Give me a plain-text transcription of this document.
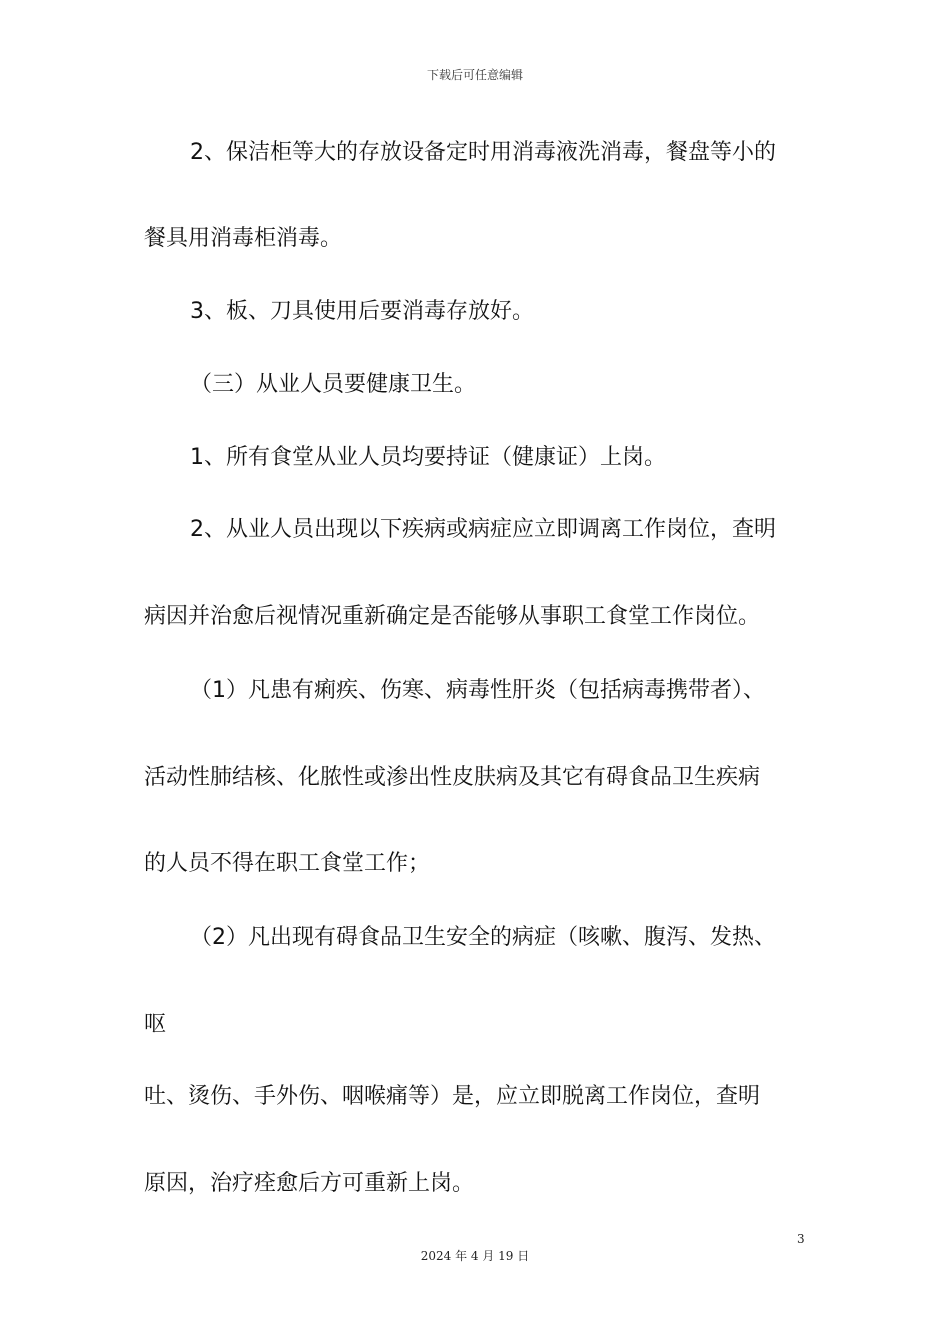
下载后可任意编辑
2、保洁柜等大的存放设备定时用消毒液洗消毒，餐盘等小的
餐具用消毒柜消毒。
3、板、刀具使用后要消毒存放好。
（三）从业人员要健康卫生。
1、所有食堂从业人员均要持证（健康证）上岗。
2、从业人员出现以下疾病或病症应立即调离工作岗位，查明
病因并治愈后视情况重新确定是否能够从事职工食堂工作岗位。
（1）凡患有痢疾、伤寒、病毒性肝炎（包括病毒携带者）、
活动性肺结核、化脓性或渗出性皮肤病及其它有碍食品卫生疾病
的人员不得在职工食堂工作；
（2）凡出现有碍食品卫生安全的病症（咳嗽、腹泻、发热、
呕
吐、烫伤、手外伤、咽喉痛等）是，应立即脱离工作岗位，查明
原因，治疗痊愈后方可重新上岗。
3
2024 年 4 月 19 日
